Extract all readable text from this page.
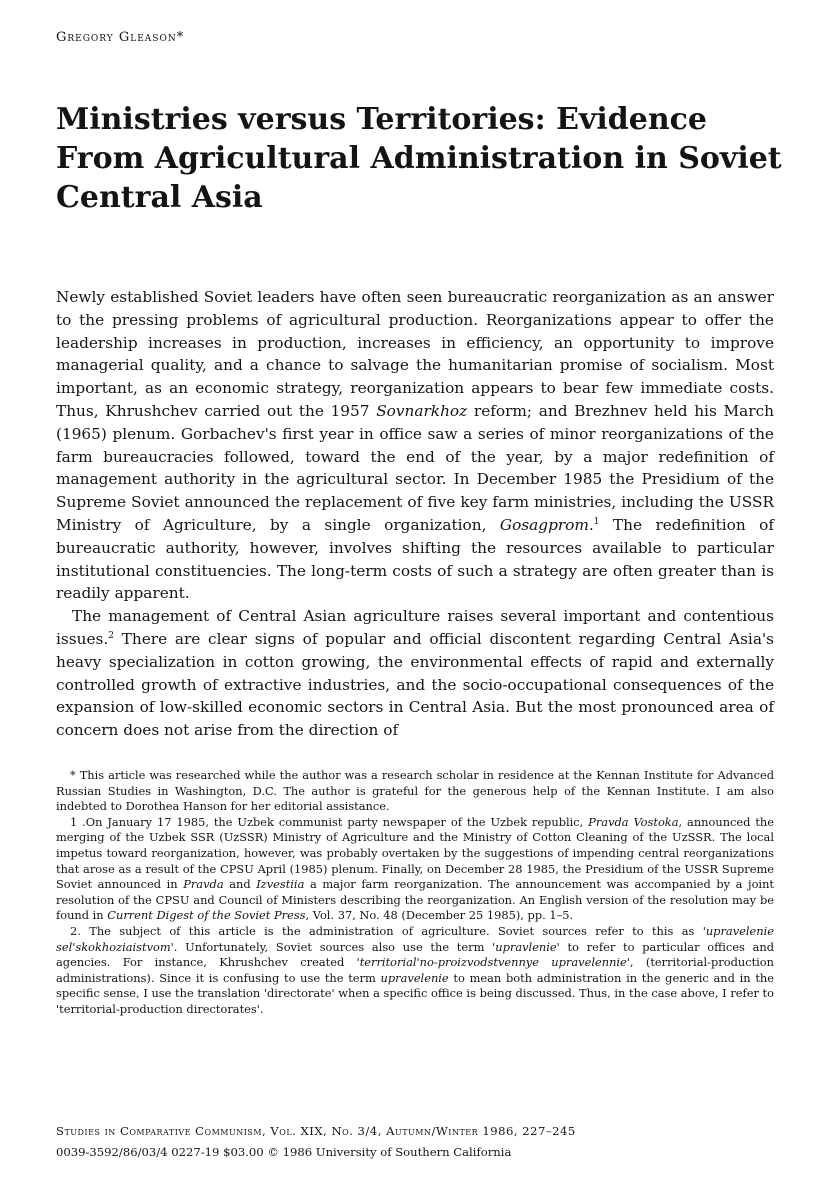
Gregory Gleason*
Ministries versus Territories: Evidence From Agricultural Administration in Soviet Central Asia

Newly established Soviet leaders have often seen bureaucratic reorganization as an answer to the pressing problems of agricultural production. Reorganizations appear to offer the leadership increases in production, increases in efficiency, an opportunity to improve managerial quality, and a chance to salvage the humanitarian promise of socialism. Most important, as an economic strategy, reorganization appears to bear few immediate costs. Thus, Khrushchev carried out the 1957 Sovnarkhoz reform; and Brezhnev held his March (1965) plenum. Gorbachev's first year in office saw a series of minor reorganizations of the farm bureaucracies followed, toward the end of the year, by a major redefinition of management authority in the agricultural sector. In December 1985 the Presidium of the Supreme Soviet announced the replacement of five key farm ministries, including the USSR Ministry of Agriculture, by a single organization, Gosagprom.$^1$ The redefinition of bureaucratic authority, however, involves shifting the resources available to particular institutional constituencies. The long-term costs of such a strategy are often greater than is readily apparent.

The management of Central Asian agriculture raises several important and contentious issues.$^2$ There are clear signs of popular and official discontent regarding Central Asia's heavy specialization in cotton growing, the environmental effects of rapid and externally controlled growth of extractive industries, and the socio-occupational consequences of the expansion of low-skilled economic sectors in Central Asia. But the most pronounced area of concern does not arise from the direction of

* This article was researched while the author was a research scholar in residence at the Kennan Institute for Advanced Russian Studies in Washington, D.C. The author is grateful for the generous help of the Kennan Institute. I am also indebted to Dorothea Hanson for her editorial assistance.

1 .On January 17 1985, the Uzbek communist party newspaper of the Uzbek republic, Pravda Vostoka, announced the merging of the Uzbek SSR (UzSSR) Ministry of Agriculture and the Ministry of Cotton Cleaning of the UzSSR. The local impetus toward reorganization, however, was probably overtaken by the suggestions of impending central reorganizations that arose as a result of the CPSU April (1985) plenum. Finally, on December 28 1985, the Presidium of the USSR Supreme Soviet announced in Pravda and Izvestiia a major farm reorganization. The announcement was accompanied by a joint resolution of the CPSU and Council of Ministers describing the reorganization. An English version of the resolution may be found in Current Digest of the Soviet Press, Vol. 37, No. 48 (December 25 1985), pp. 1–5.

2. The subject of this article is the administration of agriculture. Soviet sources refer to this as 'upravelenie sel'skokhoziaistvom'. Unfortunately, Soviet sources also use the term 'upravlenie' to refer to particular offices and agencies. For instance, Khrushchev created 'territorial'no-proizvodstvennye upravelennie', (territorial-production administrations). Since it is confusing to use the term upravelenie to mean both administration in the generic and in the specific sense, I use the translation 'directorate' when a specific office is being discussed. Thus, in the case above, I refer to 'territorial-production directorates'.

Studies in Comparative Communism, Vol. XIX, No. 3/4, Autumn/Winter 1986, 227–245
0039-3592/86/03/4 0227-19 $03.00 © 1986 University of Southern California
